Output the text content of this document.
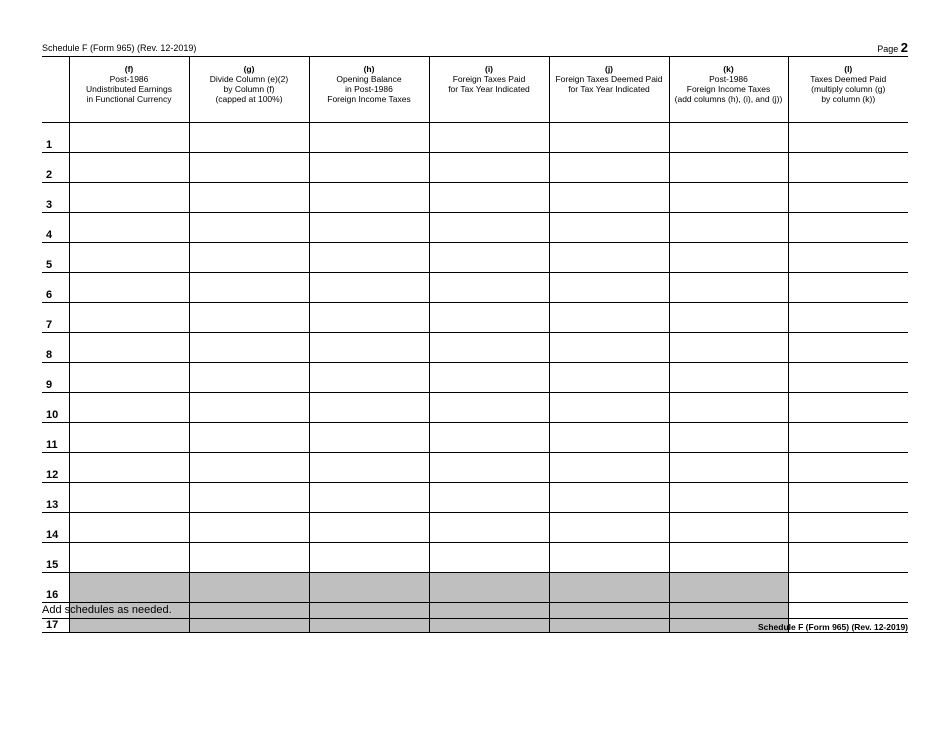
Schedule F (Form 965) (Rev. 12-2019)	Page 2

	(f)
Post-1986
Undistributed Earnings
in Functional Currency	(g)
Divide Column (e)(2)
by Column (f)
(capped at 100%)	(h)
Opening Balance
in Post-1986
Foreign Income Taxes	(i)
Foreign Taxes Paid
for Tax Year Indicated	(j)
Foreign Taxes Deemed Paid
for Tax Year Indicated	(k)
Post-1986
Foreign Income Taxes
(add columns (h), (i), and (j))	(l)
Taxes Deemed Paid
(multiply column (g)
by column (k))

1							
2							
3							
4							
5							
6							
7							
8							
9							
10							
11							
12							
13							
14							
15							
16							
17							
Add schedules as needed.
Schedule F (Form 965) (Rev. 12-2019)
